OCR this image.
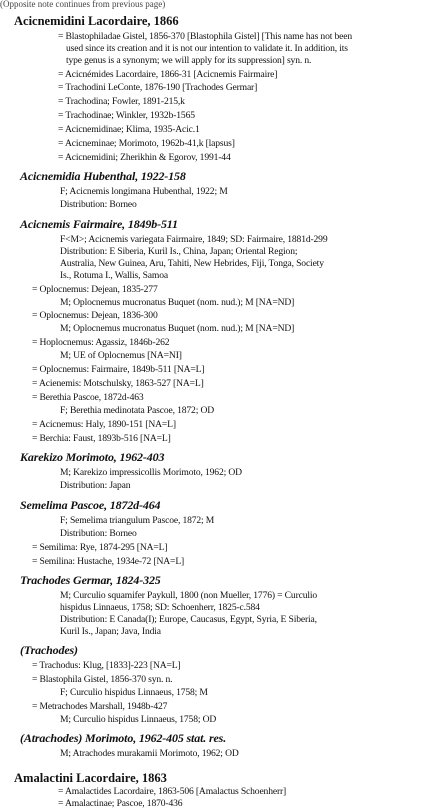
(Opposite note continues from previous page)
Acicnemidini Lacordaire, 1866
= Blastophiladae Gistel, 1856-370 [Blastophila Gistel] [This name has not been
used since its creation and it is not our intention to validate it. In addition, its
type genus is a synonym; we will apply for its suppression] syn. n.
= Acicnémides Lacordaire, 1866-31 [Acicnemis Fairmaire]
= Trachodini LeConte, 1876-190 [Trachodes Germar]
= Trachodina; Fowler, 1891-215,k
= Trachodinae; Winkler, 1932b-1565
= Acicnemidinae; Klima, 1935-Acic.1
= Acicneminae; Morimoto, 1962b-41,k [lapsus]
= Acicnemidini; Zherikhin & Egorov, 1991-44
Acicnemidia Hubenthal, 1922-158
F; Acicnemis longimana Hubenthal, 1922; M
Distribution: Borneo
Acicnemis Fairmaire, 1849b-511
F<M>; Acicnemis variegata Fairmaire, 1849; SD: Fairmaire, 1881d-299
Distribution: E Siberia, Kuril Is., China, Japan; Oriental Region;
Australia, New Guinea, Aru, Tahiti, New Hebrides, Fiji, Tonga, Society
Is., Rotuma I., Wallis, Samoa
= Oplocnemus: Dejean, 1835-277
M; Oplocnemus mucronatus Buquet (nom. nud.); M [NA=ND]
= Oplocnemus: Dejean, 1836-300
M; Oplocnemus mucronatus Buquet (nom. nud.); M [NA=ND]
= Hoplocnemus: Agassiz, 1846b-262
M; UE of Oplocnemus [NA=NI]
= Oplocnemus: Fairmaire, 1849b-511 [NA=L]
= Acienemis: Motschulsky, 1863-527 [NA=L]
= Berethia Pascoe, 1872d-463
F; Berethia medinotata Pascoe, 1872; OD
= Acicnemus: Haly, 1890-151 [NA=L]
= Berchia: Faust, 1893b-516 [NA=L]
Karekizo Morimoto, 1962-403
M; Karekizo impressicollis Morimoto, 1962; OD
Distribution: Japan
Semelima Pascoe, 1872d-464
F; Semelima triangulum Pascoe, 1872; M
Distribution: Borneo
= Semilima: Rye, 1874-295 [NA=L]
= Semilina: Hustache, 1934e-72 [NA=L]
Trachodes Germar, 1824-325
M; Curculio squamifer Paykull, 1800 (non Mueller, 1776) = Curculio
hispidus Linnaeus, 1758; SD: Schoenherr, 1825-c.584
Distribution: E Canada(I); Europe, Caucasus, Egypt, Syria, E Siberia,
Kuril Is., Japan; Java, India
(Trachodes)
= Trachodus: Klug, [1833]-223 [NA=L]
= Blastophila Gistel, 1856-370 syn. n.
F; Curculio hispidus Linnaeus, 1758; M
= Metrachodes Marshall, 1948b-427
M; Curculio hispidus Linnaeus, 1758; OD
(Atrachodes) Morimoto, 1962-405 stat. res.
M; Atrachodes murakamii Morimoto, 1962; OD
Amalactini Lacordaire, 1863
= Amalactides Lacordaire, 1863-506 [Amalactus Schoenherr]
= Amalactinae; Pascoe, 1870-436
